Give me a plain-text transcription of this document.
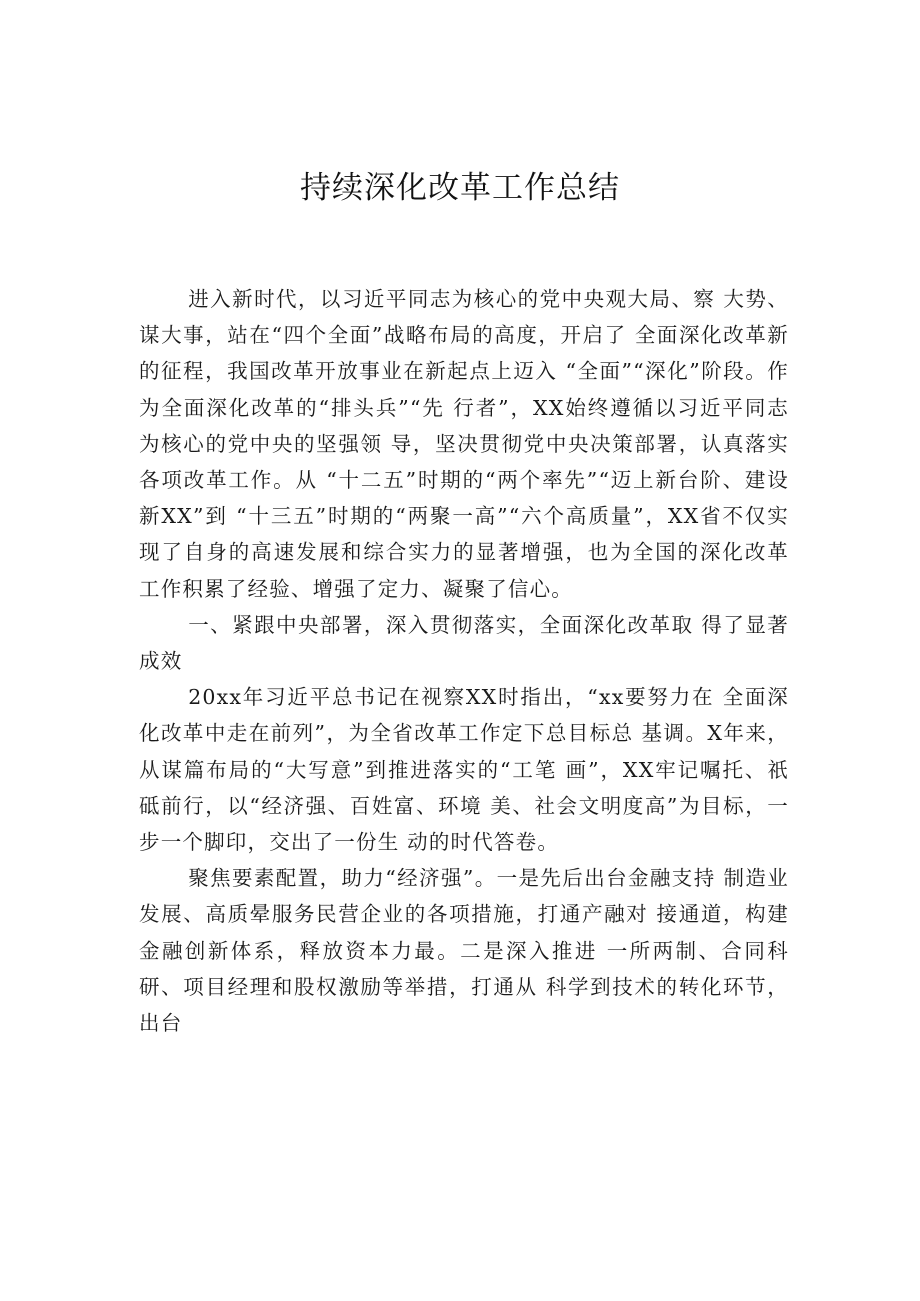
持续深化改革工作总结

进入新时代，以习近平同志为核心的党中央观大局、察 大势、谋大事，站在“四个全面”战略布局的高度，开启了 全面深化改革新的征程，我国改革开放事业在新起点上迈入 “全面”“深化”阶段。作为全面深化改革的“排头兵”“先 行者”，XX始终遵循以习近平同志为核心的党中央的坚强领 导，坚决贯彻党中央决策部署，认真落实各项改革工作。从 “十二五”时期的“两个率先”“迈上新台阶、建设新XX”到 “十三五”时期的“两聚一高”“六个高质量”，XX省不仅实 现了自身的高速发展和综合实力的显著增强，也为全国的深化改革工作积累了经验、增强了定力、凝聚了信心。

一、紧跟中央部署，深入贯彻落实，全面深化改革取 得了显著成效

20xx年习近平总书记在视察XX时指出，“xx要努力在 全面深化改革中走在前列”，为全省改革工作定下总目标总 基调。X年来，从谋篇布局的“大写意”到推进落实的“工笔 画”，XX牢记嘱托、祇砥前行，以“经济强、百姓富、环境 美、社会文明度高”为目标，一步一个脚印，交出了一份生 动的时代答卷。

聚焦要素配置，助力“经济强”。一是先后出台金融支持 制造业发展、高质晕服务民营企业的各项措施，打通产融对 接通道，构建金融创新体系，释放资本力最。二是深入推进 一所两制、合同科研、项目经理和股权激励等举措，打通从 科学到技术的转化环节，出台
